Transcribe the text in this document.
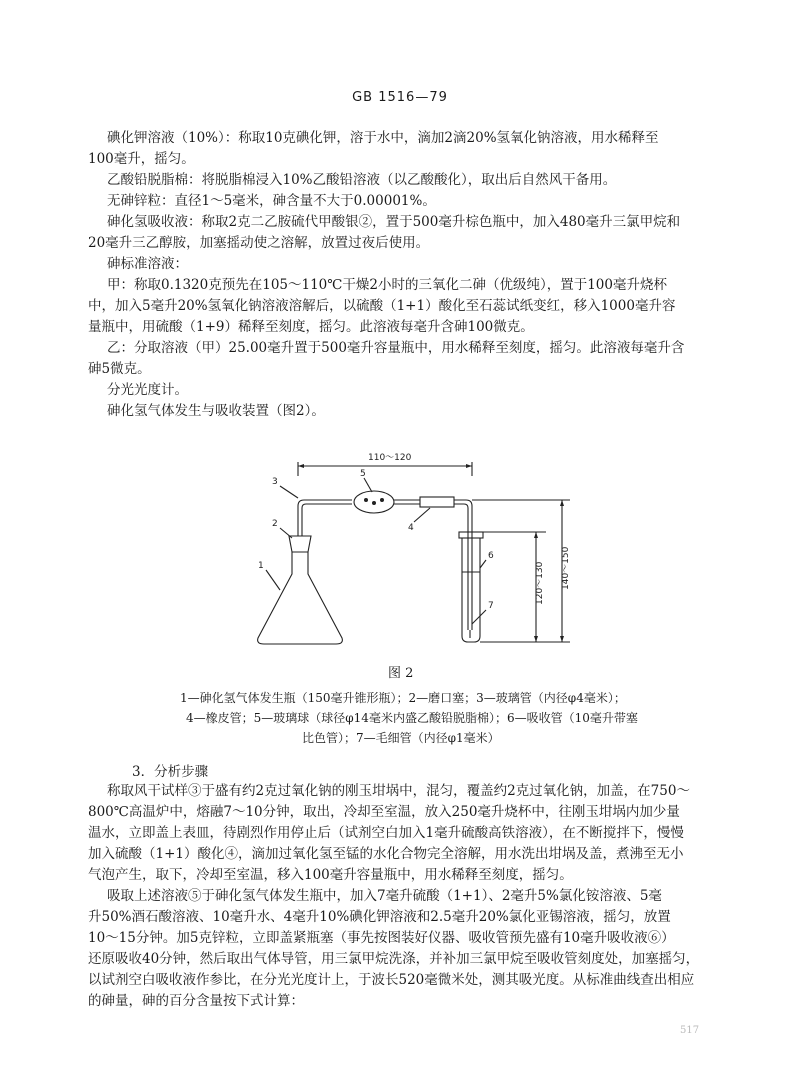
GB 1516—79
碘化钾溶液（10%）：称取10克碘化钾，溶于水中，滴加2滴20%氢氧化钠溶液，用水稀释至
100毫升，摇匀。
乙酸铅脱脂棉：将脱脂棉浸入10%乙酸铅溶液（以乙酸酸化），取出后自然风干备用。
无砷锌粒：直径1～5毫米，砷含量不大于0.00001%。
砷化氢吸收液：称取2克二乙胺硫代甲酸银②，置于500毫升棕色瓶中，加入480毫升三氯甲烷和
20毫升三乙醇胺，加塞摇动使之溶解，放置过夜后使用。
砷标准溶液：
甲：称取0.1320克预先在105～110℃干燥2小时的三氧化二砷（优级纯），置于100毫升烧杯
中，加入5毫升20%氢氧化钠溶液溶解后，以硫酸（1+1）酸化至石蕊试纸变红，移入1000毫升容
量瓶中，用硫酸（1+9）稀释至刻度，摇匀。此溶液每毫升含砷100微克。
乙：分取溶液（甲）25.00毫升置于500毫升容量瓶中，用水稀释至刻度，摇匀。此溶液每毫升含
砷5微克。
分光光度计。
砷化氢气体发生与吸收装置（图2）。
110～120
120～130 140～150
1
2
3
4
5
6
7
图 2
1—砷化氢气体发生瓶（150毫升锥形瓶）；2—磨口塞；3—玻璃管（内径φ4毫米）；
4—橡皮管；5—玻璃球（球径φ14毫米内盛乙酸铅脱脂棉）；6—吸收管（10毫升带塞
比色管）；7—毛细管（内径φ1毫米）
3．分析步骤
称取风干试样③于盛有约2克过氧化钠的刚玉坩埚中，混匀，覆盖约2克过氧化钠，加盖，在750～
800℃高温炉中，熔融7～10分钟，取出，冷却至室温，放入250毫升烧杯中，往刚玉坩埚内加少量
温水，立即盖上表皿，待剧烈作用停止后（试剂空白加入1毫升硫酸高铁溶液），在不断搅拌下，慢慢
加入硫酸（1+1）酸化④，滴加过氧化氢至锰的水化合物完全溶解，用水洗出坩埚及盖，煮沸至无小
气泡产生，取下，冷却至室温，移入100毫升容量瓶中，用水稀释至刻度，摇匀。
吸取上述溶液⑤于砷化氢气体发生瓶中，加入7毫升硫酸（1+1）、2毫升5%氯化铵溶液、5毫
升50%酒石酸溶液、10毫升水、4毫升10%碘化钾溶液和2.5毫升20%氯化亚锡溶液，摇匀，放置
10～15分钟。加5克锌粒，立即盖紧瓶塞（事先按图装好仪器、吸收管预先盛有10毫升吸收液⑥）
还原吸收40分钟，然后取出气体导管，用三氯甲烷洗涤，并补加三氯甲烷至吸收管刻度处，加塞摇匀，
以试剂空白吸收液作参比，在分光光度计上，于波长520毫微米处，测其吸光度。从标准曲线查出相应
的砷量，砷的百分含量按下式计算：
517
